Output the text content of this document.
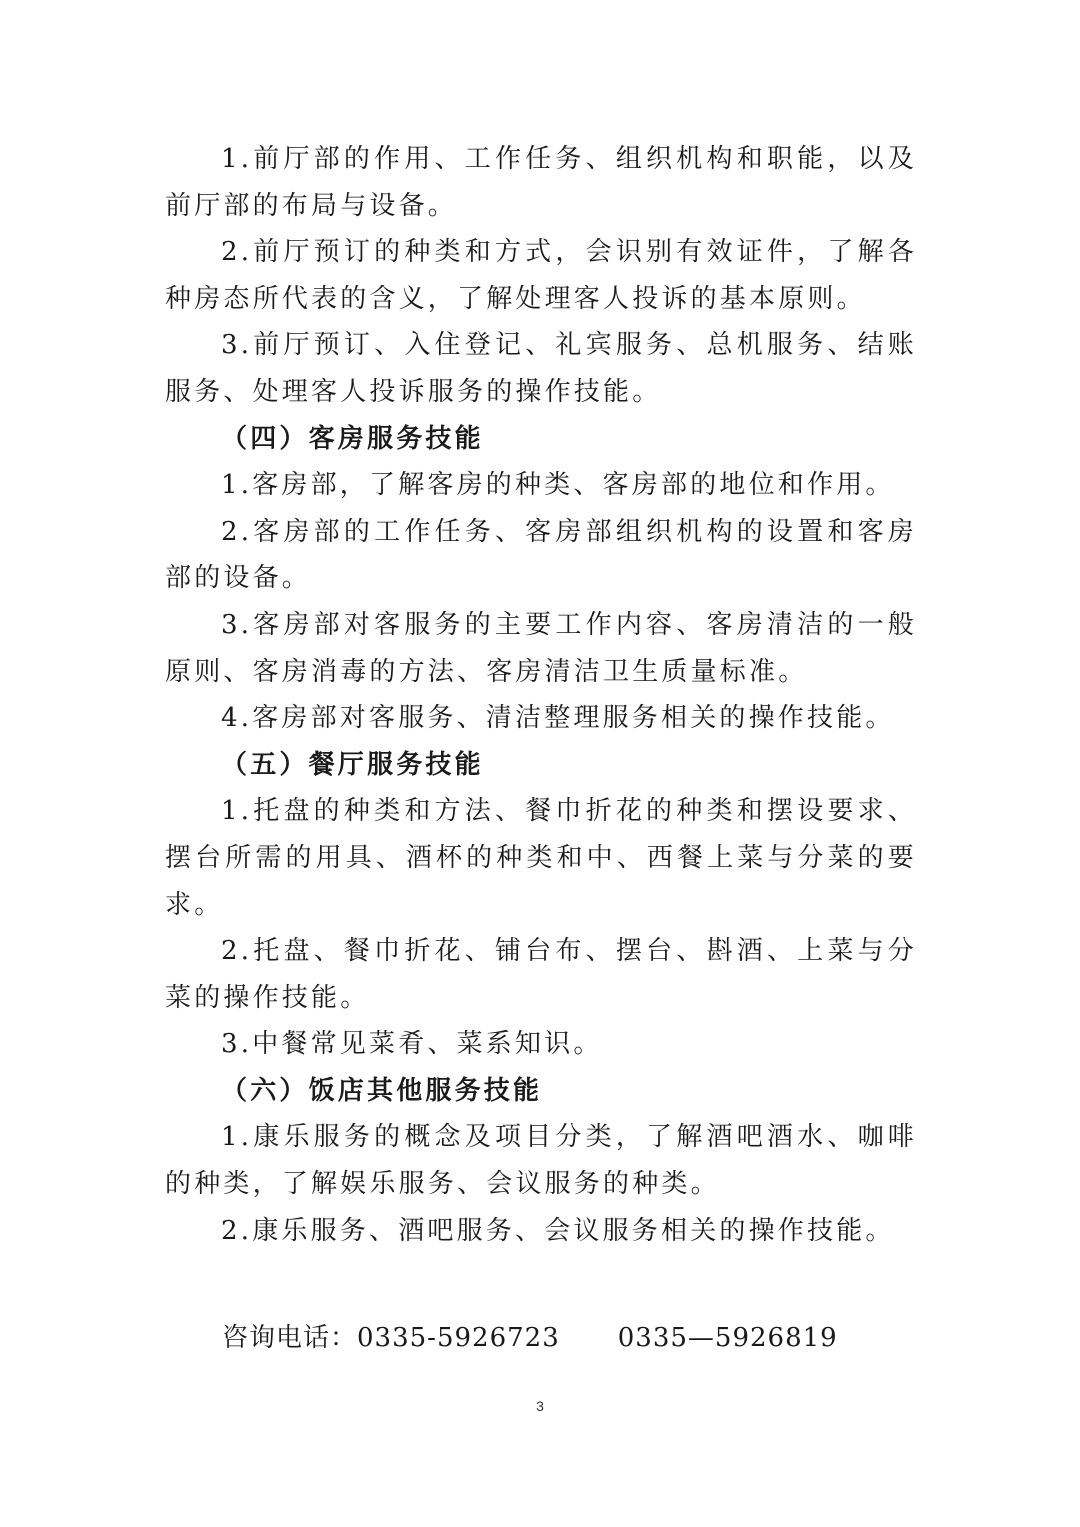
1.前厅部的作用、工作任务、组织机构和职能，以及前厅部的布局与设备。

2.前厅预订的种类和方式，会识别有效证件，了解各种房态所代表的含义，了解处理客人投诉的基本原则。

3.前厅预订、入住登记、礼宾服务、总机服务、结账服务、处理客人投诉服务的操作技能。

（四）客房服务技能

1.客房部，了解客房的种类、客房部的地位和作用。

2.客房部的工作任务、客房部组织机构的设置和客房部的设备。

3.客房部对客服务的主要工作内容、客房清洁的一般原则、客房消毒的方法、客房清洁卫生质量标准。

4.客房部对客服务、清洁整理服务相关的操作技能。

（五）餐厅服务技能

1.托盘的种类和方法、餐巾折花的种类和摆设要求、摆台所需的用具、酒杯的种类和中、西餐上菜与分菜的要求。

2.托盘、餐巾折花、铺台布、摆台、斟酒、上菜与分菜的操作技能。

3.中餐常见菜肴、菜系知识。

（六）饭店其他服务技能

1.康乐服务的概念及项目分类，了解酒吧酒水、咖啡的种类，了解娱乐服务、会议服务的种类。

2.康乐服务、酒吧服务、会议服务相关的操作技能。

咨询电话：0335-5926723 0335—5926819
3
